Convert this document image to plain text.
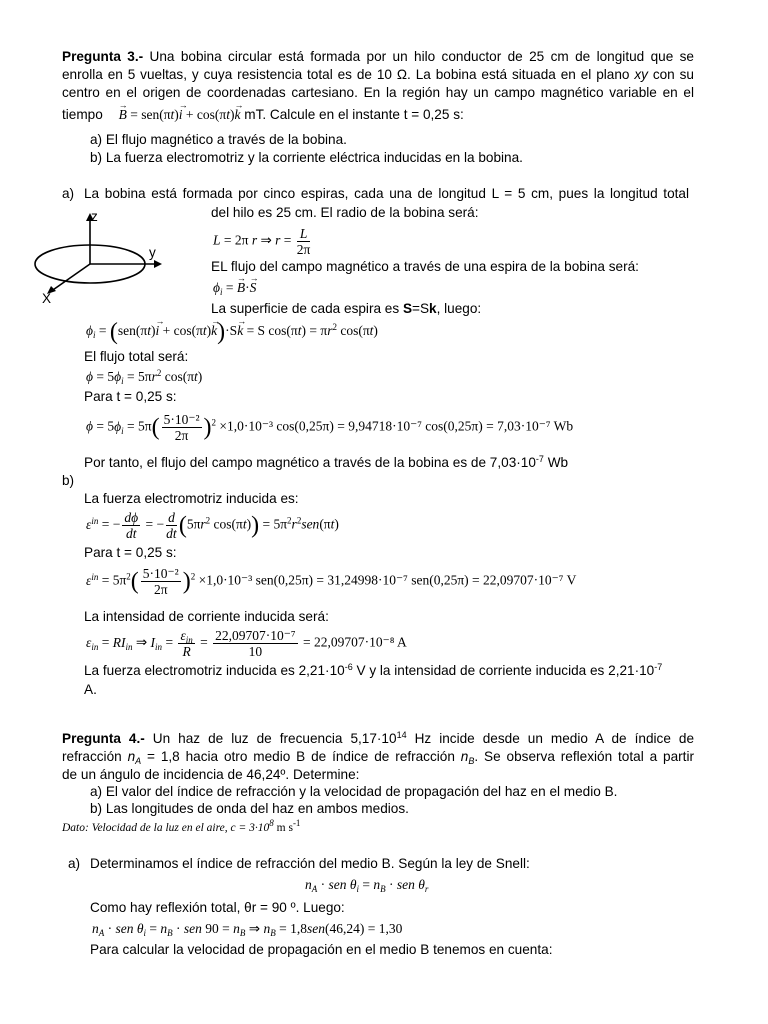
Pregunta 3.- Una bobina circular está formada por un hilo conductor de 25 cm de longitud que se
enrolla en 5 vueltas, y cuya resistencia total es de 10 Ω. La bobina está situada en el plano xy con su
centro en el origen de coordenadas cartesiano. En la región hay un campo magnético variable en el
tiempo → B = sen(πt)→ i + cos(πt)→ k mT. Calcule en el instante t = 0,25 s:
a) El flujo magnético a través de la bobina.
b) La fuerza electromotriz y la corriente eléctrica inducidas en la bobina.
a) La bobina está formada por cinco espiras, cada una de longitud L = 5 cm, pues la longitud total
del hilo es 25 cm. El radio de la bobina será:
z
y
X
L = 2π r ⇒ $r = \frac{L}{2\pi}$
EL flujo del campo magnético a través de una espira de la bobina será:
$\phi_i$ = → B·→ S
La superficie de cada espira es S=Sk, luego:
$\phi_i = (sen(\pi t)\to i + \cos(\pi t)\to k)\cdot S\to k = S$ $\cos(\pi t) = \pi r^2$ cos(πt)
El flujo total será:
$\phi = 5\phi_i = 5\pi r^2$ cos(πt)
Para t = 0,25 s:
$\phi = 5\phi_i = 5\pi( \frac{\text{5·10⁻²}}{2\pi} )^2 \times 1,0\cdot 10^{-3}$ cos(0,25π) = 9,94718·10⁻⁷ cos(0,25π) = 7,03·10⁻⁷ Wb
Por tanto, el flujo del campo magnético a través de la bobina es de $7,03\cdot 10^{-7}$ Wb
b)
La fuerza electromotriz inducida es:
$\varepsilon^{in}$ = − $\frac{d\phi}{dt}$ = − $\frac{d}{dt} (5\pi r^2$ $\cos(\pi t)) = 5\pi^2r^2sen(\pi t)$
Para t = 0,25 s:
$\varepsilon^{in} = 5\pi^2( \frac{\text{5·10⁻²}}{2\pi} )^2 \times 1,0\cdot 10^{-3}$ sen(0,25π) = 31,24998·10⁻⁷ sen(0,25π) = 22,09707·10⁻⁷ V
La intensidad de corriente inducida será:
$\varepsilon_{in} = RI_{in}$ ⇒ $I_{in} = \frac{\varepsilon_{in}}{R} = \frac{\text{22,09707·10⁻⁷}}{10} = 22,09707\cdot 10^{-8}$ A
La fuerza electromotriz inducida es $2,21\cdot 10^{-6}$ V y la intensidad de corriente inducida es $2,21\cdot 10^{-7}$
A.
Pregunta 4.- Un haz de luz de frecuencia $5,17\cdot 10^{14}$ Hz incide desde un medio A de índice de
refracción $n_A = 1,8$ hacia otro medio B de índice de refracción $n_B$. Se observa reflexión total a partir
de un ángulo de incidencia de 46,24º. Determine:
a) El valor del índice de refracción y la velocidad de propagación del haz en el medio B.
b) Las longitudes de onda del haz en ambos medios.
Dato: Velocidad de la luz en el aire, $c = 3\cdot 10^8$ m $s^{-1}$
a) Determinamos el índice de refracción del medio B. Según la ley de Snell:
$n_A$ · sen $\theta_i = n_B$ · sen $\theta_r$
Como hay reflexión total, θr = 90 º. Luego:
$n_A$ · sen $\theta_i = n_B$ · sen $90 = n_B$ ⇒ $n_B = 1,8sen(46,24) = 1,30$
Para calcular la velocidad de propagación en el medio B tenemos en cuenta:
